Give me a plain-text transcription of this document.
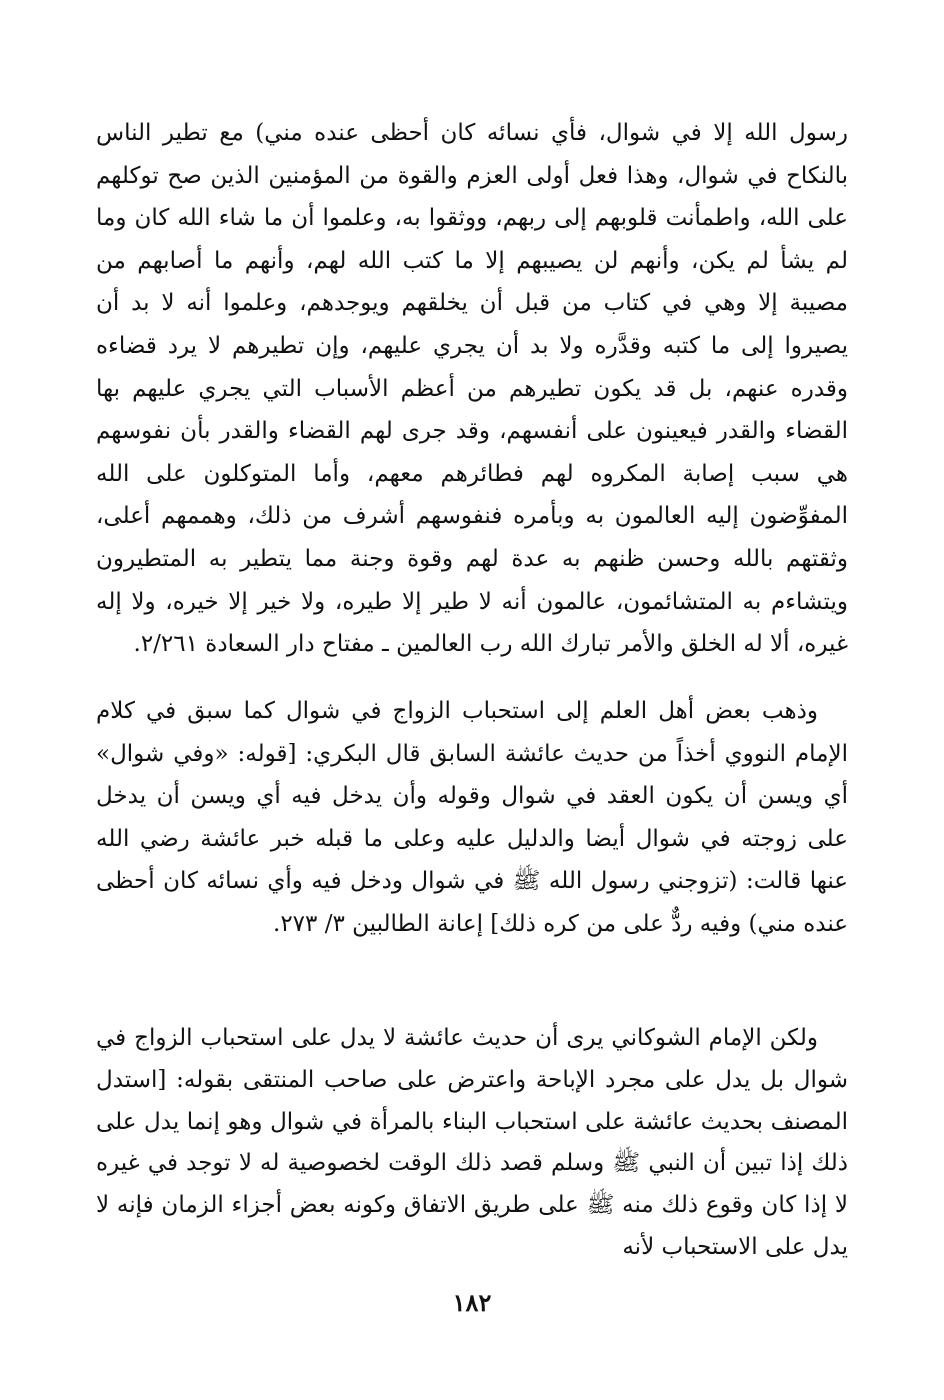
رسول الله إلا في شوال، فأي نسائه كان أحظى عنده مني) مع تطير الناس بالنكاح في شوال، وهذا فعل أولى العزم والقوة من المؤمنين الذين صح توكلهم على الله، واطمأنت قلوبهم إلى ربهم، ووثقوا به، وعلموا أن ما شاء الله كان وما لم يشأ لم يكن، وأنهم لن يصيبهم إلا ما كتب الله لهم، وأنهم ما أصابهم من مصيبة إلا وهي في كتاب من قبل أن يخلقهم ويوجدهم، وعلموا أنه لا بد أن يصيروا إلى ما كتبه وقدَّره ولا بد أن يجري عليهم، وإن تطيرهم لا يرد قضاءه وقدره عنهم، بل قد يكون تطيرهم من أعظم الأسباب التي يجري عليهم بها القضاء والقدر فيعينون على أنفسهم، وقد جرى لهم القضاء والقدر بأن نفوسهم هي سبب إصابة المكروه لهم فطائرهم معهم، وأما المتوكلون على الله المفوِّضون إليه العالمون به وبأمره فنفوسهم أشرف من ذلك، وهممهم أعلى، وثقتهم بالله وحسن ظنهم به عدة لهم وقوة وجنة مما يتطير به المتطيرون ويتشاءم به المتشائمون، عالمون أنه لا طير إلا طيره، ولا خير إلا خيره، ولا إله غيره، ألا له الخلق والأمر تبارك الله رب العالمين ـ مفتاح دار السعادة ٢/٢٦١.

وذهب بعض أهل العلم إلى استحباب الزواج في شوال كما سبق في كلام الإمام النووي أخذاً من حديث عائشة السابق قال البكري: [قوله: «وفي شوال» أي ويسن أن يكون العقد في شوال وقوله وأن يدخل فيه أي ويسن أن يدخل على زوجته في شوال أيضا والدليل عليه وعلى ما قبله خبر عائشة رضي الله عنها قالت: (تزوجني رسول الله ﷺ في شوال ودخل فيه وأي نسائه كان أحظى عنده مني) وفيه ردٌّ على من كره ذلك] إعانة الطالبين ٣/ ٢٧٣.

ولكن الإمام الشوكاني يرى أن حديث عائشة لا يدل على استحباب الزواج في شوال بل يدل على مجرد الإباحة واعترض على صاحب المنتقى بقوله: [استدل المصنف بحديث عائشة على استحباب البناء بالمرأة في شوال وهو إنما يدل على ذلك إذا تبين أن النبي ﷺ وسلم قصد ذلك الوقت لخصوصية له لا توجد في غيره لا إذا كان وقوع ذلك منه ﷺ على طريق الاتفاق وكونه بعض أجزاء الزمان فإنه لا يدل على الاستحباب لأنه

١٨٢
